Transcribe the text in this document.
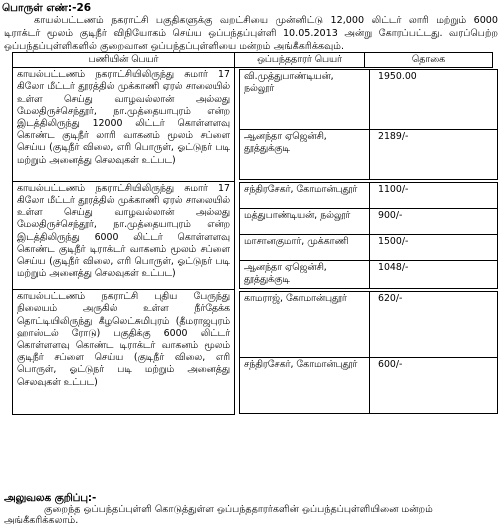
பொருள் எண்:-26
காயல்பட்டணம் நகராட்சி பகுதிகளுக்கு வறட்சியை முன்னிட்டு 12,000 லிட்டர் லாரி மற்றும் 6000 டிராக்டர் மூலம் குடிநீர் விநியோகம் செய்ய ஒப்பந்தப்புள்ளி 10.05.2013 அன்று கோரப்பட்டது. வரப்பெற்ற ஒப்பந்தப்புள்ளிகளில் குறைவான ஒப்பந்தப்புள்ளியை மன்றம் அங்கீகரிக்கவும்.
பணியின் பெயர்	ஒப்பந்ததாரர் பெயர்	தொகை
காயல்பட்டணம் நகராட்சியிலிருந்து சுமார் 17 கிலோ மீட்டர் தூரத்தில் முக்காணி ஏரல் சாலையில் உள்ள செய்து வாழவல்லான் அல்லது மேலதிருச்செந்தூர், நா.முத்தையாபுரம் என்ற இடத்திலிருந்து 12000 லிட்டர் கொள்ளளவு கொண்ட குடிநீர் லாரி வாகனம் மூலம் சப்ளை செய்ய (குடிநீர் விலை, எரி பொருள், ஓட்டுநர் படி மற்றும் அனைத்து செலவுகள் உட்பட)	
வி.முத்துபாண்டியன், நல்லூர்	1950.00
ஆனந்தா ஏஜென்சி, தூத்துக்குடி	2189/-

காயல்பட்டணம் நகராட்சியிலிருந்து சுமார் 17 கிலோ மீட்டர் தூரத்தில் முக்காணி ஏரல் சாலையில் உள்ள செய்து வாழவல்லான் அல்லது மேலதிருச்செந்தூர், நா.முத்தையாபுரம் என்ற இடத்திலிருந்து 6000 லிட்டர் கொள்ளளவு கொண்ட குடிநீர் டிராக்டர் வாகனம் மூலம் சப்ளை செய்ய (குடிநீர் விலை, எரி பொருள், ஓட்டுநர் படி மற்றும் அனைத்து செலவுகள் உட்பட)	
சந்திரசேகர், கோமான்புதூர்	1100/-
மத்துபாண்டியன், நல்லூர்	900/-
மாசானகுமார், முக்காணி	1500/-
ஆனந்தா ஏஜென்சி, தூத்துக்குடி	1048/-

காயல்பட்டணம் நகராட்சி புதிய பேருந்து நிலையம் அருகில் உள்ள நீர்தேக்க தொட்டியிலிருந்து கீழலெட்சுமிபுரம் (தீமராஜபுரம் ஹாஸ்டல் ரோடு) பகுதிக்கு 6000 லிட்டர் கொள்ளளவு கொண்ட டிராக்டர் வாகனம் மூலம் குடிநீர் சப்ளை செய்ய (குடிநீர் விலை, எரி பொருள், ஓட்டுநர் படி மற்றும் அனைத்து செலவுகள் உட்பட)	
காமராஜ், கோமான்புதூர்	620/-
சந்திரசேகர், கோமான்புதூர்	600/-
அலுவலக குறிப்பு:-
குறைந்த ஒப்பந்தப்புள்ளி கொடுத்துள்ள ஒப்பந்ததாரர்களின் ஒப்பந்தப்புள்ளியினை மன்றம் அங்கீகரிக்கலாம்.
